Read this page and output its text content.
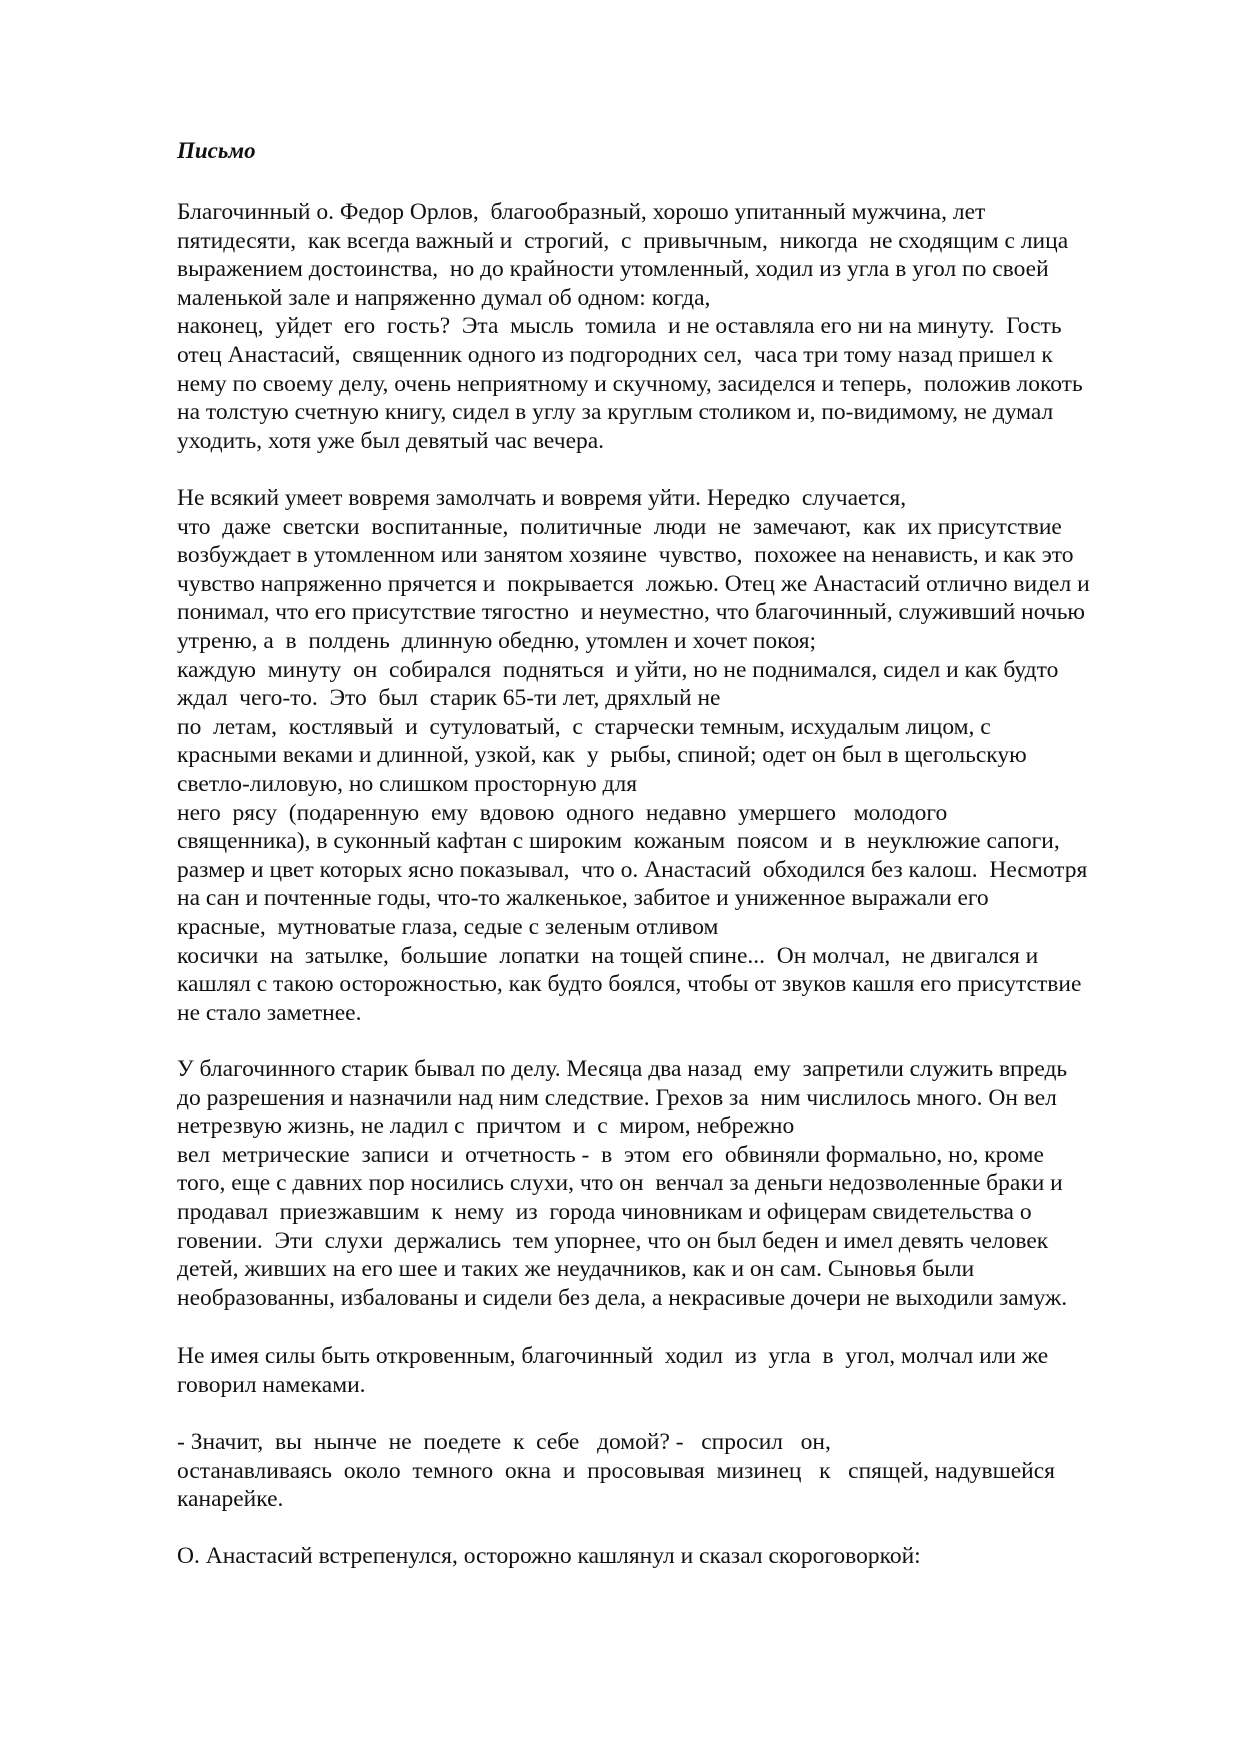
Письмо
Благочинный о. Федор Орлов,  благообразный, хорошо упитанный мужчина, лет
пятидесяти,  как всегда важный и  строгий,  с  привычным,  никогда  не сходящим с лица
выражением достоинства,  но до крайности утомленный, ходил из угла в угол по своей
маленькой зале и напряженно думал об одном: когда,
наконец,  уйдет  его  гость?  Эта  мысль  томила  и не оставляла его ни на минуту.  Гость
отец Анастасий,  священник одного из подгородних сел,  часа три тому назад пришел к
нему по своему делу, очень неприятному и скучному, засиделся и теперь,  положив локоть
на толстую счетную книгу, сидел в углу за круглым столиком и, по-видимому, не думал
уходить, хотя уже был девятый час вечера.
Не всякий умеет вовремя замолчать и вовремя уйти. Нередко  случается,
что  даже  светски  воспитанные,  политичные  люди  не  замечают,  как  их присутствие
возбуждает в утомленном или занятом хозяине  чувство,  похожее на ненависть, и как это
чувство напряженно прячется и  покрывается  ложью. Отец же Анастасий отлично видел и
понимал, что его присутствие тягостно  и неуместно, что благочинный, служивший ночью
утреню, а  в  полдень  длинную обедню, утомлен и хочет покоя;
каждую  минуту  он  собирался  подняться  и уйти, но не поднимался, сидел и как будто
ждал  чего-то.  Это  был  старик 65-ти лет, дряхлый не
по  летам,  костлявый  и  сутуловатый,  с  старчески темным, исхудалым лицом, с
красными веками и длинной, узкой, как  у  рыбы, спиной; одет он был в щегольскую
светло-лиловую, но слишком просторную для
него  рясу  (подаренную  ему  вдовою  одного  недавно  умершего   молодого
священника), в суконный кафтан с широким  кожаным  поясом  и  в  неуклюжие сапоги,
размер и цвет которых ясно показывал,  что о. Анастасий  обходился без калош.  Несмотря
на сан и почтенные годы, что-то жалкенькое, забитое и униженное выражали его
красные,  мутноватые глаза, седые с зеленым отливом
косички  на  затылке,  большие  лопатки  на тощей спине...  Он молчал,  не двигался и
кашлял с такою осторожностью, как будто боялся, чтобы от звуков кашля его присутствие
не стало заметнее.
У благочинного старик бывал по делу. Месяца два назад  ему  запретили служить впредь
до разрешения и назначили над ним следствие. Грехов за  ним числилось много. Он вел
нетрезвую жизнь, не ладил с  причтом  и  с  миром, небрежно
вел  метрические  записи  и  отчетность -  в  этом  его  обвиняли формально, но, кроме
того, еще с давних пор носились слухи, что он  венчал за деньги недозволенные браки и
продавал  приезжавшим  к  нему  из  города чиновникам и офицерам свидетельства о
говении.  Эти  слухи  держались  тем упорнее, что он был беден и имел девять человек
детей, живших на его шее и таких же неудачников, как и он сам. Сыновья были
необразованны, избалованы и сидели без дела, а некрасивые дочери не выходили замуж.
Не имея силы быть откровенным, благочинный  ходил  из  угла  в  угол, молчал или же
говорил намеками.
- Значит,  вы  нынче  не  поедете  к  себе   домой? -   спросил   он,
останавливаясь  около  темного  окна  и  просовывая  мизинец   к   спящей, надувшейся
канарейке.
О. Анастасий встрепенулся, осторожно кашлянул и сказал скороговоркой:
